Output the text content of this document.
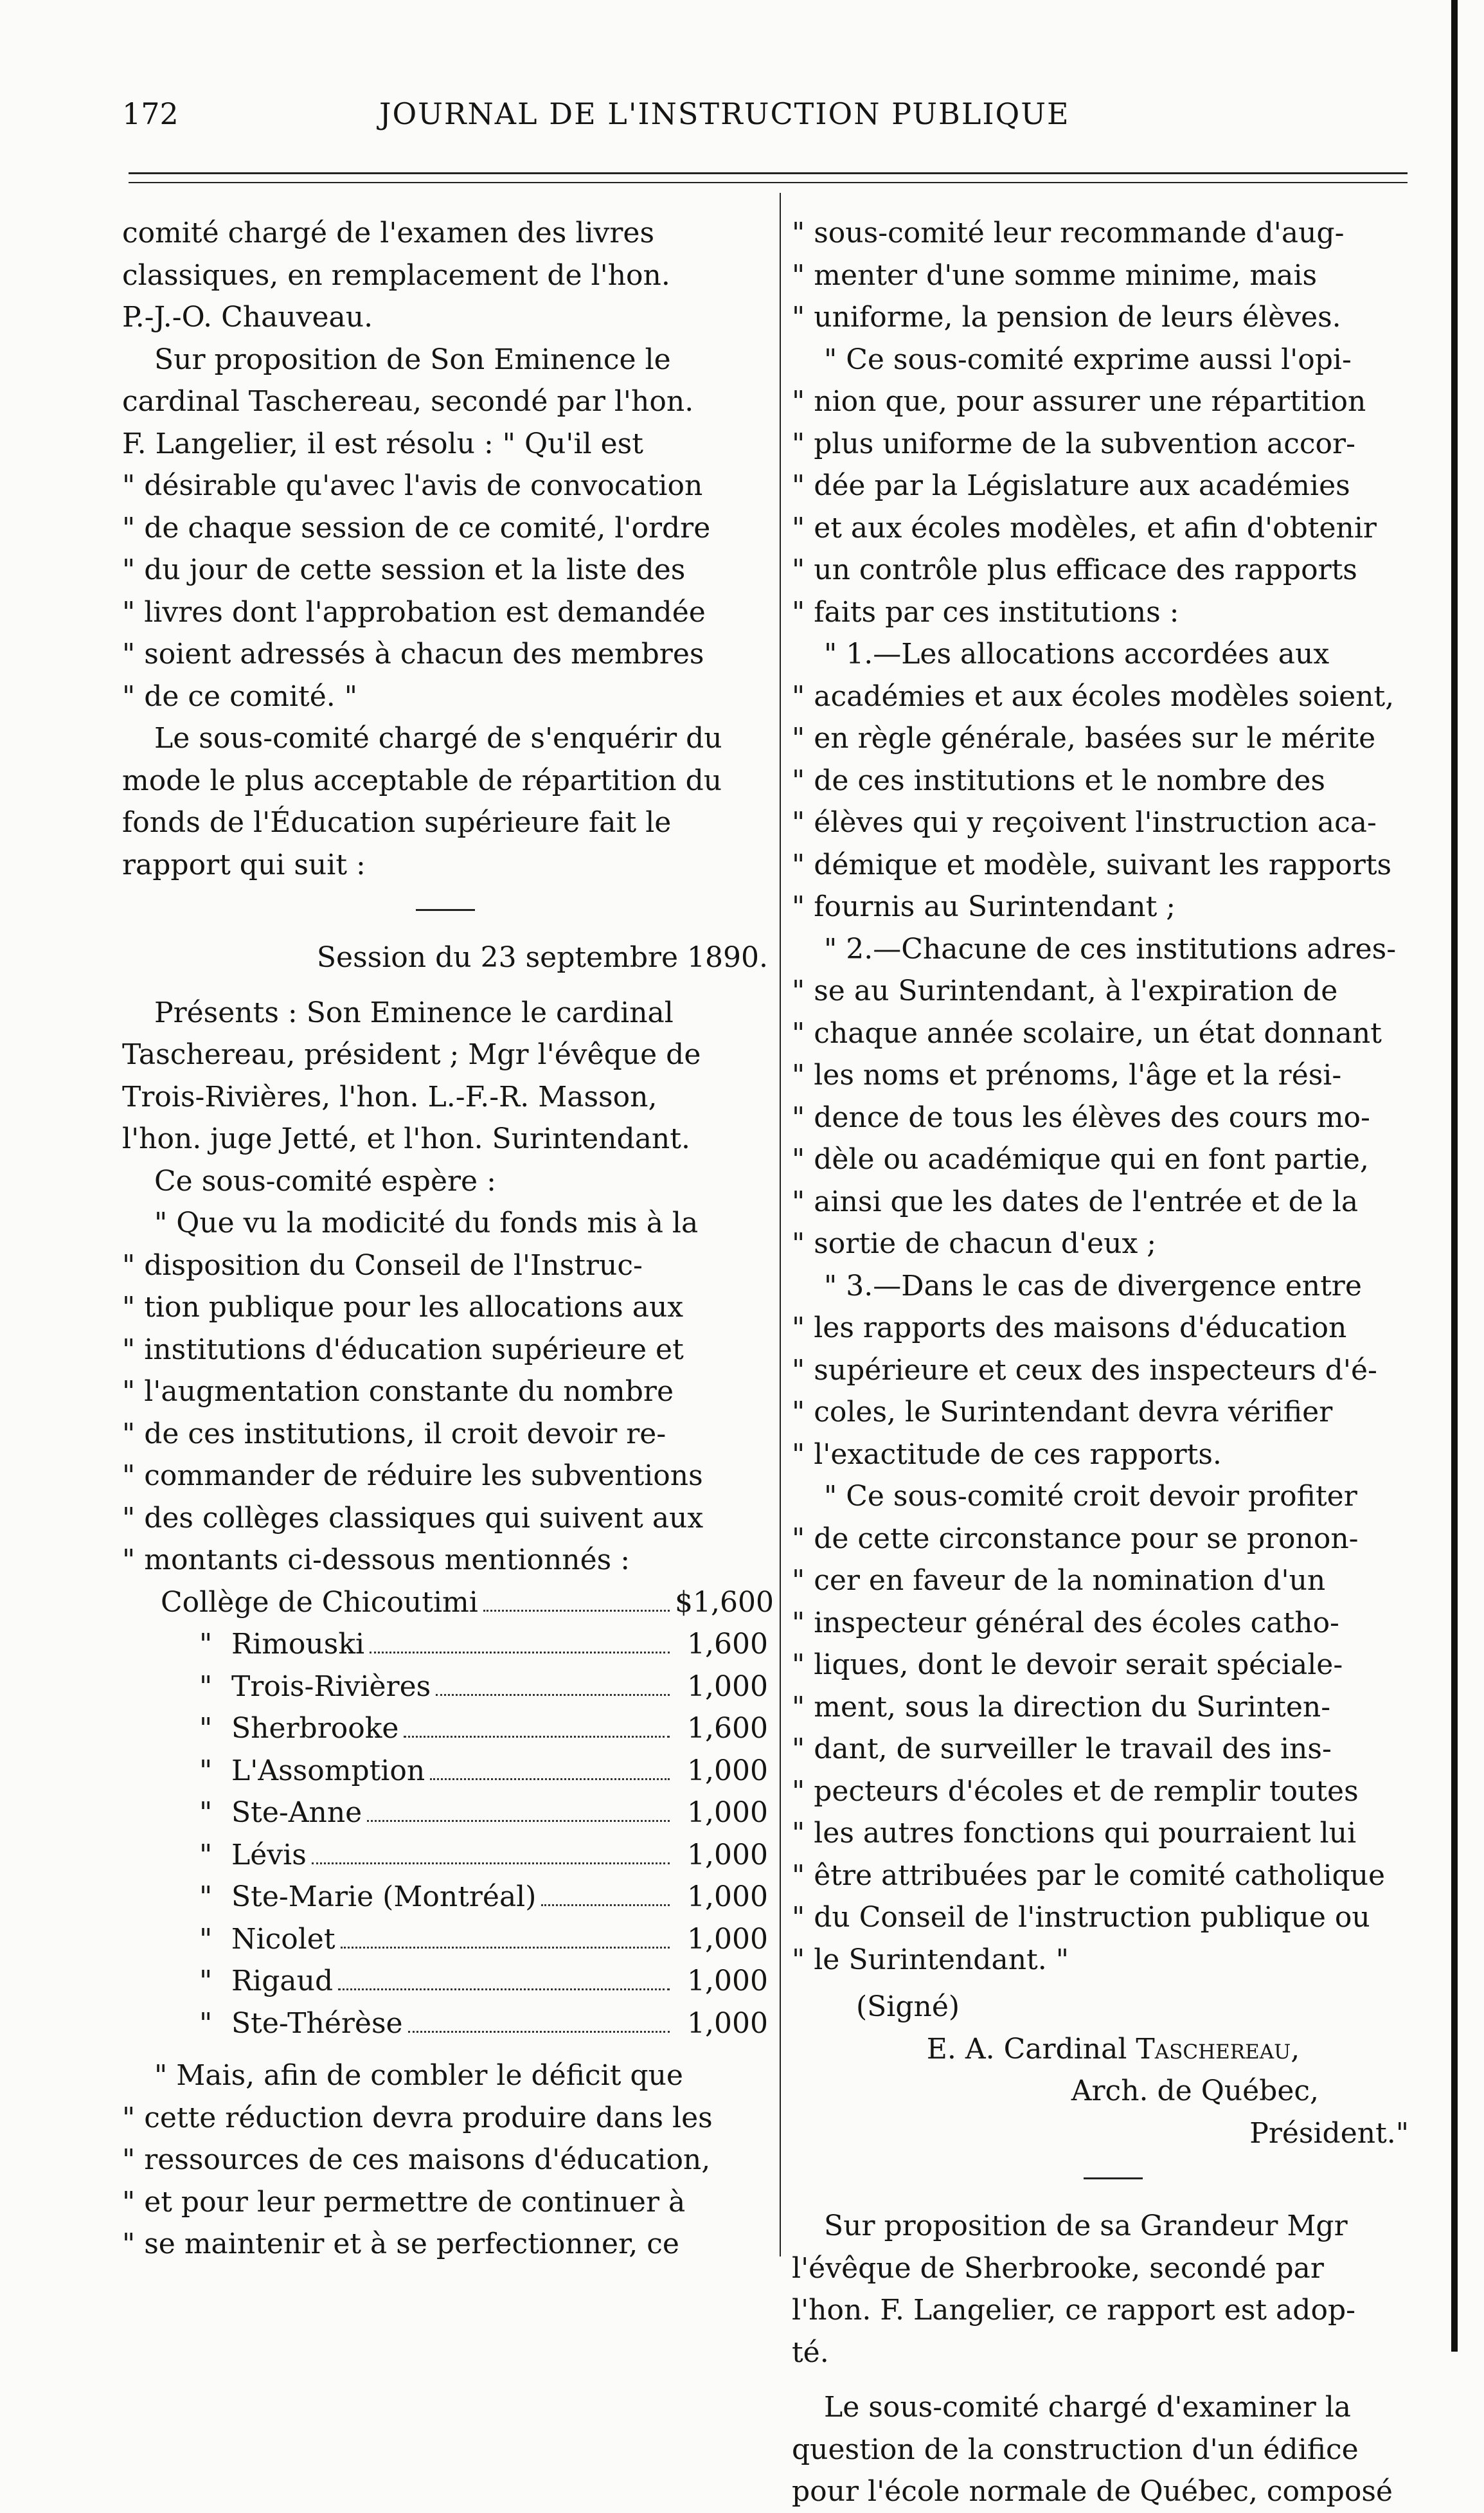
172	JOURNAL DE L'INSTRUCTION PUBLIQUE
comité chargé de l'examen des livres
classiques, en remplacement de l'hon.
P.-J.-O. Chauveau.
Sur proposition de Son Eminence le
cardinal Taschereau, secondé par l'hon.
F. Langelier, il est résolu : " Qu'il est
" désirable qu'avec l'avis de convocation
" de chaque session de ce comité, l'ordre
" du jour de cette session et la liste des
" livres dont l'approbation est demandée
" soient adressés à chacun des membres
" de ce comité. "
Le sous-comité chargé de s'enquérir du
mode le plus acceptable de répartition du
fonds de l'Éducation supérieure fait le
rapport qui suit :
Session du 23 septembre 1890.
Présents : Son Eminence le cardinal
Taschereau, président ; Mgr l'évêque de
Trois-Rivières, l'hon. L.-F.-R. Masson,
l'hon. juge Jetté, et l'hon. Surintendant.
Ce sous-comité espère :
" Que vu la modicité du fonds mis à la
" disposition du Conseil de l'Instruc-
" tion publique pour les allocations aux
" institutions d'éducation supérieure et
" l'augmentation constante du nombre
" de ces institutions, il croit devoir re-
" commander de réduire les subventions
" des collèges classiques qui suivent aux
" montants ci-dessous mentionnés :
Collège de Chicoutimi	$1,600
" Rimouski	1,600
" Trois-Rivières	1,000
" Sherbrooke	1,600
" L'Assomption	1,000
" Ste-Anne	1,000
" Lévis	1,000
" Ste-Marie (Montréal)	1,000
" Nicolet	1,000
" Rigaud	1,000
" Ste-Thérèse	1,000
" Mais, afin de combler le déficit que
" cette réduction devra produire dans les
" ressources de ces maisons d'éducation,
" et pour leur permettre de continuer à
" se maintenir et à se perfectionner, ce
" sous-comité leur recommande d'aug-
" menter d'une somme minime, mais
" uniforme, la pension de leurs élèves.
" Ce sous-comité exprime aussi l'opi-
" nion que, pour assurer une répartition
" plus uniforme de la subvention accor-
" dée par la Législature aux académies
" et aux écoles modèles, et afin d'obtenir
" un contrôle plus efficace des rapports
" faits par ces institutions :
" 1.—Les allocations accordées aux
" académies et aux écoles modèles soient,
" en règle générale, basées sur le mérite
" de ces institutions et le nombre des
" élèves qui y reçoivent l'instruction aca-
" démique et modèle, suivant les rapports
" fournis au Surintendant ;
" 2.—Chacune de ces institutions adres-
" se au Surintendant, à l'expiration de
" chaque année scolaire, un état donnant
" les noms et prénoms, l'âge et la rési-
" dence de tous les élèves des cours mo-
" dèle ou académique qui en font partie,
" ainsi que les dates de l'entrée et de la
" sortie de chacun d'eux ;
" 3.—Dans le cas de divergence entre
" les rapports des maisons d'éducation
" supérieure et ceux des inspecteurs d'é-
" coles, le Surintendant devra vérifier
" l'exactitude de ces rapports.
" Ce sous-comité croit devoir profiter
" de cette circonstance pour se pronon-
" cer en faveur de la nomination d'un
" inspecteur général des écoles catho-
" liques, dont le devoir serait spéciale-
" ment, sous la direction du Surinten-
" dant, de surveiller le travail des ins-
" pecteurs d'écoles et de remplir toutes
" les autres fonctions qui pourraient lui
" être attribuées par le comité catholique
" du Conseil de l'instruction publique ou
" le Surintendant. "
(Signé)
E. A. Cardinal Taschereau,
Arch. de Québec,
Président."
Sur proposition de sa Grandeur Mgr
l'évêque de Sherbrooke, secondé par
l'hon. F. Langelier, ce rapport est adop-
té.
Le sous-comité chargé d'examiner la
question de la construction d'un édifice
pour l'école normale de Québec, composé
